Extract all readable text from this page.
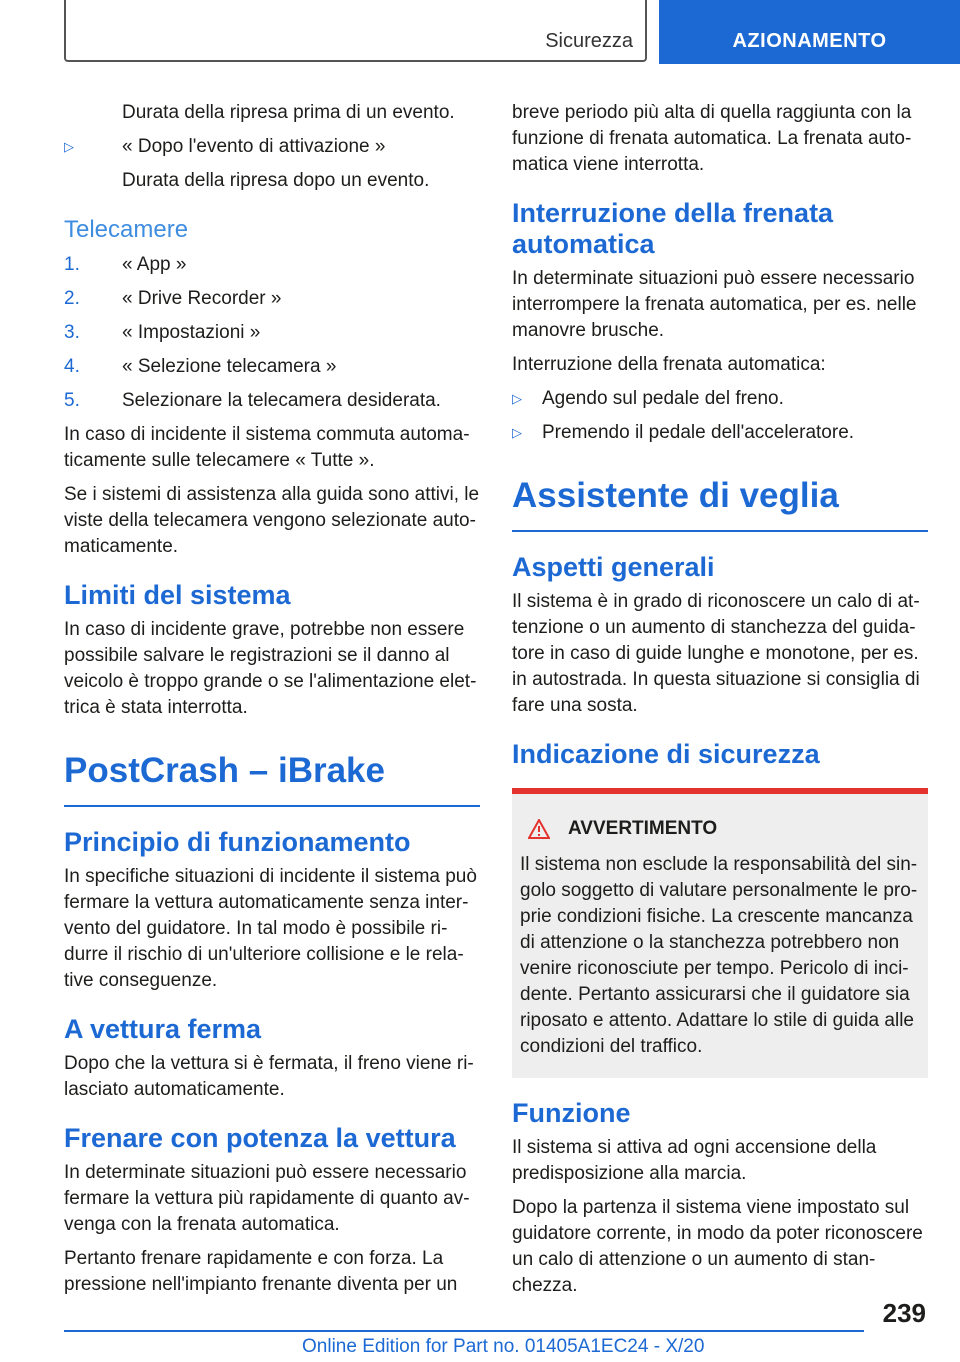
Sicurezza	AZIONAMENTO

Durata della ripresa prima di un evento.

▷	« Dopo l'evento di attivazione »

Durata della ripresa dopo un evento.

Telecamere
1. « App »
2. « Drive Recorder »
3. « Impostazioni »
4. « Selezione telecamera »
5. Selezionare la telecamera desiderata.

In caso di incidente il sistema commuta automaticamente sulle telecamere « Tutte ».

Se i sistemi di assistenza alla guida sono attivi, le viste della telecamera vengono selezionate automaticamente.

Limiti del sistema

In caso di incidente grave, potrebbe non essere possibile salvare le registrazioni se il danno al veicolo è troppo grande o se l'alimentazione elettrica è stata interrotta.

PostCrash – iBrake
Principio di funzionamento

In specifiche situazioni di incidente il sistema può fermare la vettura automaticamente senza intervento del guidatore. In tal modo è possibile ridurre il rischio di un'ulteriore collisione e le relative conseguenze.

A vettura ferma

Dopo che la vettura si è fermata, il freno viene rilasciato automaticamente.

Frenare con potenza la vettura

In determinate situazioni può essere necessario fermare la vettura più rapidamente di quanto avvenga con la frenata automatica.

Pertanto frenare rapidamente e con forza. La pressione nell'impianto frenante diventa per un

breve periodo più alta di quella raggiunta con la funzione di frenata automatica. La frenata automatica viene interrotta.

Interruzione della frenata automatica

In determinate situazioni può essere necessario interrompere la frenata automatica, per es. nelle manovre brusche.

Interruzione della frenata automatica:

▷ Agendo sul pedale del freno.
▷ Premendo il pedale dell'acceleratore.
Assistente di veglia
Aspetti generali

Il sistema è in grado di riconoscere un calo di attenzione o un aumento di stanchezza del guidatore in caso di guide lunghe e monotone, per es. in autostrada. In questa situazione si consiglia di fare una sosta.

Indicazione di sicurezza
AVVERTIMENTO

Il sistema non esclude la responsabilità del singolo soggetto di valutare personalmente le proprie condizioni fisiche. La crescente mancanza di attenzione o la stanchezza potrebbero non venire riconosciute per tempo. Pericolo di incidente. Pertanto assicurarsi che il guidatore sia riposato e attento. Adattare lo stile di guida alle condizioni del traffico.

Funzione

Il sistema si attiva ad ogni accensione della predisposizione alla marcia.

Dopo la partenza il sistema viene impostato sul guidatore corrente, in modo da poter riconoscere un calo di attenzione o un aumento di stanchezza.

239
Online Edition for Part no. 01405A1EC24 - X/20
